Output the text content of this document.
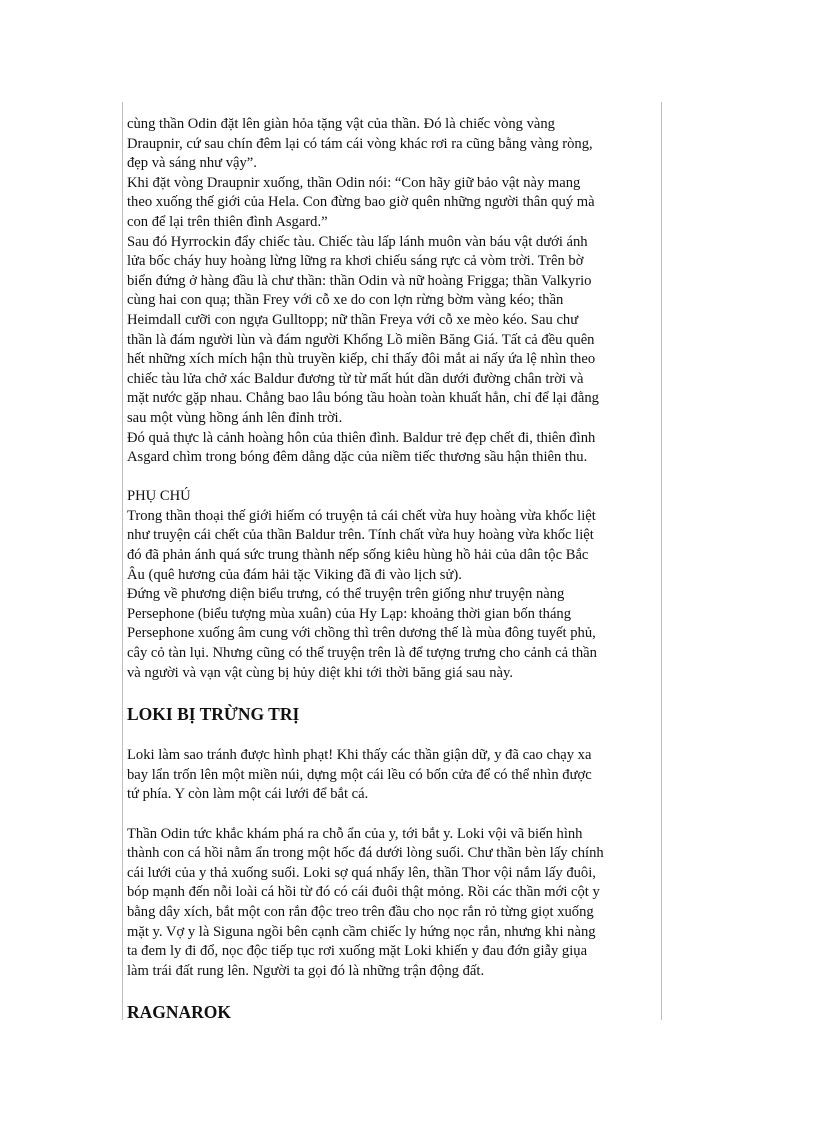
cùng thần Odin đặt lên giàn hỏa tặng vật của thần. Đó là chiếc vòng vàng
Draupnir, cứ sau chín đêm lại có tám cái vòng khác rơi ra cũng bằng vàng ròng,
đẹp và sáng như vậy”.

Khi đặt vòng Draupnir xuống, thần Odin nói: “Con hãy giữ bảo vật này mang
theo xuống thế giới của Hela. Con đừng bao giờ quên những người thân quý mà
con để lại trên thiên đình Asgard.”

Sau đó Hyrrockin đẩy chiếc tàu. Chiếc tàu lấp lánh muôn vàn báu vật dưới ánh
lửa bốc cháy huy hoàng lừng lững ra khơi chiếu sáng rực cả vòm trời. Trên bờ
biển đứng ở hàng đầu là chư thần: thần Odin và nữ hoàng Frigga; thần Valkyrio
cùng hai con quạ; thần Frey với cỗ xe do con lợn rừng bờm vàng kéo; thần
Heimdall cưỡi con ngựa Gulltopp; nữ thần Freya với cỗ xe mèo kéo. Sau chư
thần là đám người lùn và đám người Khổng Lồ miền Băng Giá. Tất cả đều quên
hết những xích mích hận thù truyền kiếp, chỉ thấy đôi mắt ai nấy ứa lệ nhìn theo
chiếc tàu lửa chở xác Baldur đương từ từ mất hút dần dưới đường chân trời và
mặt nước gặp nhau. Chẳng bao lâu bóng tầu hoàn toàn khuất hẳn, chỉ để lại đằng
sau một vùng hồng ánh lên đỉnh trời.

Đó quả thực là cảnh hoàng hôn của thiên đình. Baldur trẻ đẹp chết đi, thiên đình
Asgard chìm trong bóng đêm dằng dặc của niềm tiếc thương sầu hận thiên thu.

PHỤ CHÚ

Trong thần thoại thế giới hiếm có truyện tả cái chết vừa huy hoàng vừa khốc liệt
như truyện cái chết của thần Baldur trên. Tính chất vừa huy hoàng vừa khốc liệt
đó đã phản ánh quá sức trung thành nếp sống kiêu hùng hồ hải của dân tộc Bắc
Âu (quê hương của đám hải tặc Viking đã đi vào lịch sử).

Đứng về phương diện biểu trưng, có thể truyện trên giống như truyện nàng
Persephone (biểu tượng mùa xuân) của Hy Lạp: khoảng thời gian bốn tháng
Persephone xuống âm cung với chồng thì trên dương thế là mùa đông tuyết phủ,
cây cỏ tàn lụi. Nhưng cũng có thể truyện trên là để tượng trưng cho cảnh cả thần
và người và vạn vật cùng bị hủy diệt khi tới thời băng giá sau này.

LOKI BỊ TRỪNG TRỊ

Loki làm sao tránh được hình phạt! Khi thấy các thần giận dữ, y đã cao chạy xa
bay lẩn trốn lên một miền núi, dựng một cái lều có bốn cửa để có thể nhìn được
tứ phía. Y còn làm một cái lưới để bắt cá.

Thần Odin tức khắc khám phá ra chỗ ẩn của y, tới bắt y. Loki vội vã biến hình
thành con cá hồi nằm ẩn trong một hốc đá dưới lòng suối. Chư thần bèn lấy chính
cái lưới của y thả xuống suối. Loki sợ quá nhẩy lên, thần Thor vội nắm lấy đuôi,
bóp mạnh đến nỗi loài cá hồi từ đó có cái đuôi thật mỏng. Rồi các thần mới cột y
bằng dây xích, bắt một con rắn độc treo trên đầu cho nọc rắn rỏ từng giọt xuống
mặt y. Vợ y là Siguna ngồi bên cạnh cầm chiếc ly hứng nọc rắn, nhưng khi nàng
ta đem ly đi đổ, nọc độc tiếp tục rơi xuống mặt Loki khiến y đau đớn giẫy giụa
làm trái đất rung lên. Người ta gọi đó là những trận động đất.

RAGNAROK
